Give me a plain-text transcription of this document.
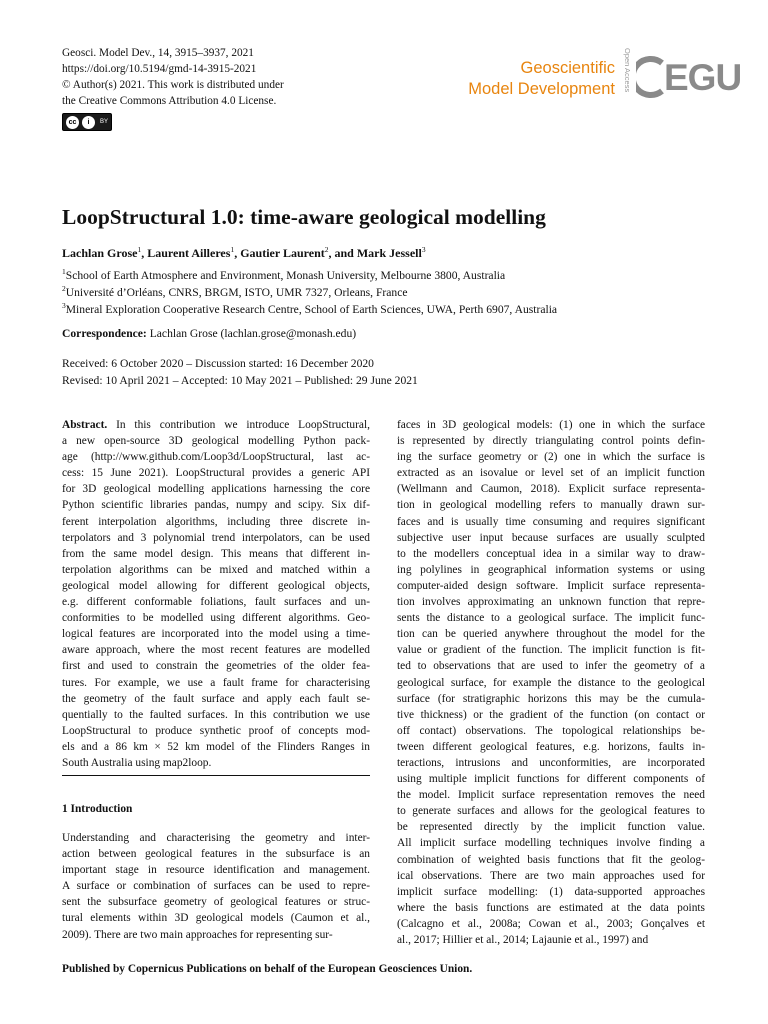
Geosci. Model Dev., 14, 3915–3937, 2021
https://doi.org/10.5194/gmd-14-3915-2021
© Author(s) 2021. This work is distributed under
the Creative Commons Attribution 4.0 License.
cc	i	BY
Geoscientific
Model Development	Open Access EGU
LoopStructural 1.0: time-aware geological modelling
Lachlan Grose$^1$, Laurent Ailleres$^1$, Gautier Laurent$^2$, and Mark Jessell$^3$
$^1$School of Earth Atmosphere and Environment, Monash University, Melbourne 3800, Australia
$^2$Université d’Orléans, CNRS, BRGM, ISTO, UMR 7327, Orleans, France
$^3$Mineral Exploration Cooperative Research Centre, School of Earth Sciences, UWA, Perth 6907, Australia
Correspondence: Lachlan Grose (lachlan.grose@monash.edu)
Received: 6 October 2020 – Discussion started: 16 December 2020
Revised: 10 April 2021 – Accepted: 10 May 2021 – Published: 29 June 2021
Abstract. In this contribution we introduce LoopStructural,
a new open-source 3D geological modelling Python pack-
age (http://www.github.com/Loop3d/LoopStructural, last ac-
cess: 15 June 2021). LoopStructural provides a generic API
for 3D geological modelling applications harnessing the core
Python scientific libraries pandas, numpy and scipy. Six dif-
ferent interpolation algorithms, including three discrete in-
terpolators and 3 polynomial trend interpolators, can be used
from the same model design. This means that different in-
terpolation algorithms can be mixed and matched within a
geological model allowing for different geological objects,
e.g. different conformable foliations, fault surfaces and un-
conformities to be modelled using different algorithms. Geo-
logical features are incorporated into the model using a time-
aware approach, where the most recent features are modelled
first and used to constrain the geometries of the older fea-
tures. For example, we use a fault frame for characterising
the geometry of the fault surface and apply each fault se-
quentially to the faulted surfaces. In this contribution we use
LoopStructural to produce synthetic proof of concepts mod-
els and a 86 km × 52 km model of the Flinders Ranges in
South Australia using map2loop.
1 Introduction
Understanding and characterising the geometry and inter-
action between geological features in the subsurface is an
important stage in resource identification and management.
A surface or combination of surfaces can be used to repre-
sent the subsurface geometry of geological features or struc-
tural elements within 3D geological models (Caumon et al.,
2009). There are two main approaches for representing sur-
faces in 3D geological models: (1) one in which the surface
is represented by directly triangulating control points defin-
ing the surface geometry or (2) one in which the surface is
extracted as an isovalue or level set of an implicit function
(Wellmann and Caumon, 2018). Explicit surface representa-
tion in geological modelling refers to manually drawn sur-
faces and is usually time consuming and requires significant
subjective user input because surfaces are usually sculpted
to the modellers conceptual idea in a similar way to draw-
ing polylines in geographical information systems or using
computer-aided design software. Implicit surface representa-
tion involves approximating an unknown function that repre-
sents the distance to a geological surface. The implicit func-
tion can be queried anywhere throughout the model for the
value or gradient of the function. The implicit function is fit-
ted to observations that are used to infer the geometry of a
geological surface, for example the distance to the geological
surface (for stratigraphic horizons this may be the cumula-
tive thickness) or the gradient of the function (on contact or
off contact) observations. The topological relationships be-
tween different geological features, e.g. horizons, faults in-
teractions, intrusions and unconformities, are incorporated
using multiple implicit functions for different components of
the model. Implicit surface representation removes the need
to generate surfaces and allows for the geological features to
be represented directly by the implicit function value.
All implicit surface modelling techniques involve finding a
combination of weighted basis functions that fit the geolog-
ical observations. There are two main approaches used for
implicit surface modelling: (1) data-supported approaches
where the basis functions are estimated at the data points
(Calcagno et al., 2008a; Cowan et al., 2003; Gonçalves et
al., 2017; Hillier et al., 2014; Lajaunie et al., 1997) and
Published by Copernicus Publications on behalf of the European Geosciences Union.
